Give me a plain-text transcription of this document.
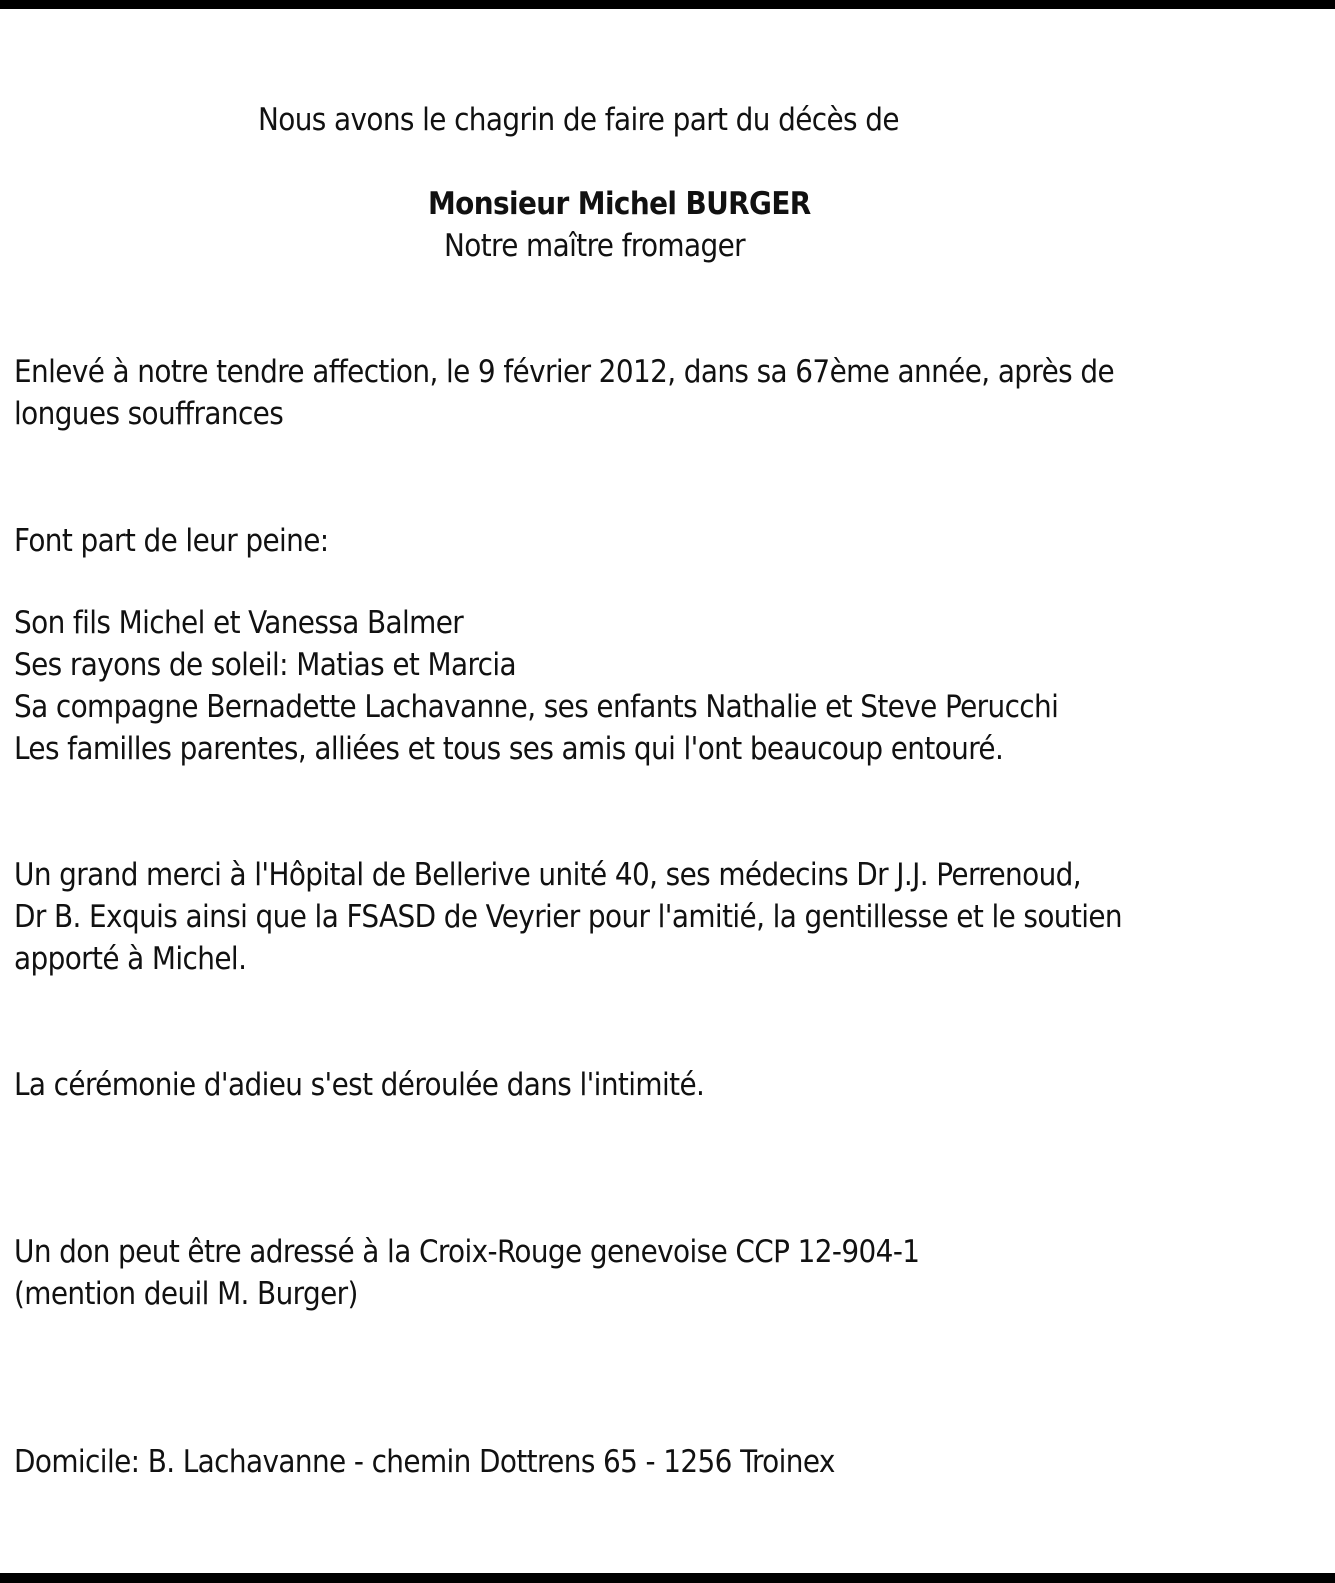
Nous avons le chagrin de faire part du décès de
Monsieur Michel BURGER
Notre maître fromager
Enlevé à notre tendre affection, le 9 février 2012, dans sa 67ème année, après de
longues souffrances
Font part de leur peine:
Son fils Michel et Vanessa Balmer
Ses rayons de soleil: Matias et Marcia
Sa compagne Bernadette Lachavanne, ses enfants Nathalie et Steve Perucchi
Les familles parentes, alliées et tous ses amis qui l'ont beaucoup entouré.
Un grand merci à l'Hôpital de Bellerive unité 40, ses médecins Dr J.J. Perrenoud,
Dr B. Exquis ainsi que la FSASD de Veyrier pour l'amitié, la gentillesse et le soutien
apporté à Michel.
La cérémonie d'adieu s'est déroulée dans l'intimité.
Un don peut être adressé à la Croix-Rouge genevoise CCP 12-904-1
(mention deuil M. Burger)
Domicile: B. Lachavanne - chemin Dottrens 65 - 1256 Troinex
